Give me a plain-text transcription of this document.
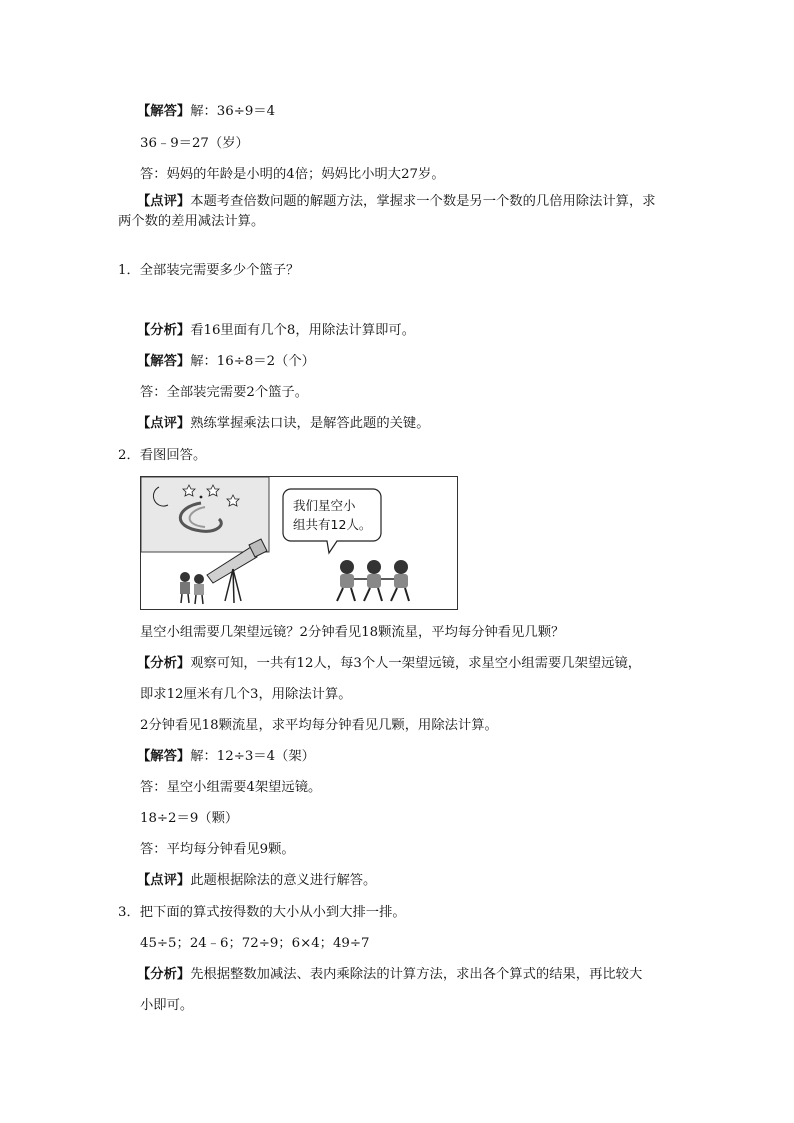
【解答】解：36÷9＝4
36﹣9＝27（岁）
答：妈妈的年龄是小明的4倍；妈妈比小明大27岁。
【点评】本题考查倍数问题的解题方法，掌握求一个数是另一个数的几倍用除法计算，求
两个数的差用减法计算。
1．全部装完需要多少个篮子？
【分析】看16里面有几个8，用除法计算即可。
【解答】解：16÷8＝2（个）
答：全部装完需要2个篮子。
【点评】熟练掌握乘法口诀，是解答此题的关键。
2．看图回答。
我们星空小
组共有12人。
星空小组需要几架望远镜？2分钟看见18颗流星，平均每分钟看见几颗？
【分析】观察可知，一共有12人，每3个人一架望远镜，求星空小组需要几架望远镜，
即求12厘米有几个3，用除法计算。
2分钟看见18颗流星，求平均每分钟看见几颗，用除法计算。
【解答】解：12÷3＝4（架）
答：星空小组需要4架望远镜。
18÷2＝9（颗）
答：平均每分钟看见9颗。
【点评】此题根据除法的意义进行解答。
3．把下面的算式按得数的大小从小到大排一排。
45÷5；24﹣6；72÷9；6×4；49÷7
【分析】先根据整数加减法、表内乘除法的计算方法，求出各个算式的结果，再比较大
小即可。
